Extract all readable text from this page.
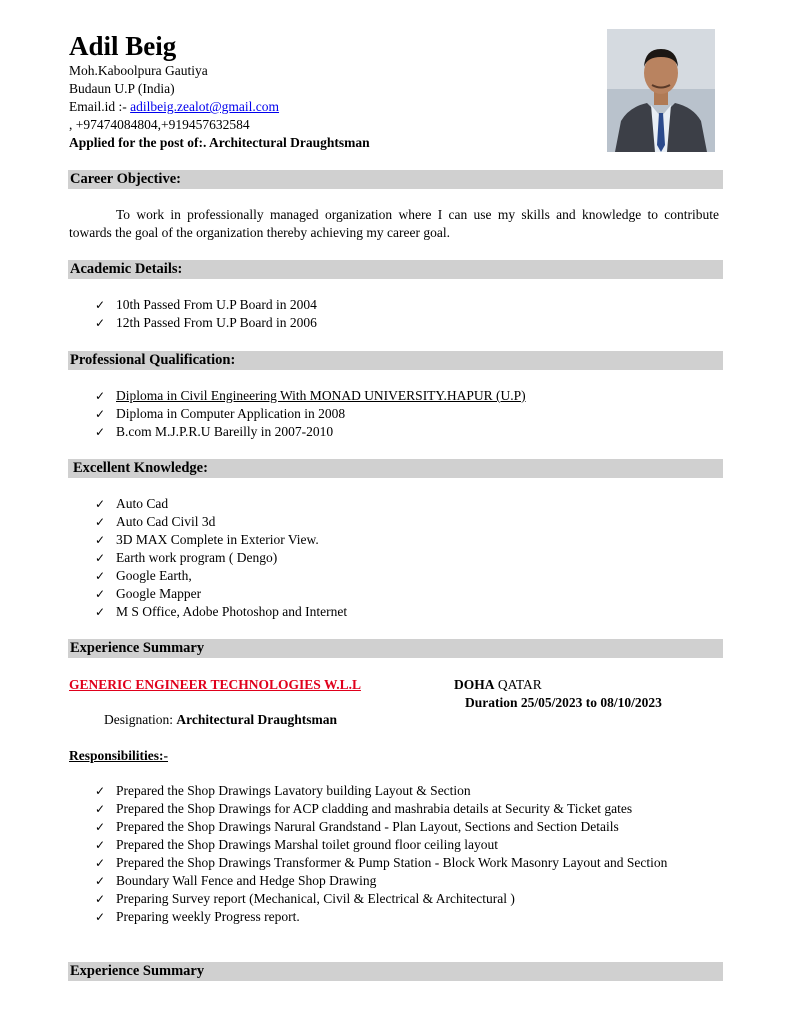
Adil Beig
Moh.Kaboolpura Gautiya
Budaun U.P (India)
Email.id :- adilbeig.zealot@gmail.com
, +97474084804,+919457632584
Applied for the post of:. Architectural Draughtsman
Career Objective:
To work in professionally managed organization where I can use my skills and knowledge to contribute towards the goal of the organization thereby achieving my career goal.
Academic Details:
✓ 10th Passed From U.P Board in 2004
✓ 12th Passed From U.P Board in 2006
Professional Qualification:
✓ Diploma in Civil Engineering With MONAD UNIVERSITY.HAPUR (U.P)
✓ Diploma in Computer Application in 2008
✓ B.com M.J.P.R.U Bareilly in 2007-2010
Excellent Knowledge:
✓ Auto Cad
✓ Auto Cad Civil 3d
✓ 3D MAX Complete in Exterior View.
✓ Earth work program ( Dengo)
✓ Google Earth,
✓ Google Mapper
✓ M S Office, Adobe Photoshop and Internet
Experience Summary
GENERIC ENGINEER TECHNOLOGIES W.L.L	DOHA QATAR
Duration 25/05/2023 to 08/10/2023
Designation: Architectural Draughtsman
Responsibilities:-
✓ Prepared the Shop Drawings Lavatory building Layout & Section
✓ Prepared the Shop Drawings for ACP cladding and mashrabia details at Security & Ticket gates
✓ Prepared the Shop Drawings Narural Grandstand - Plan Layout, Sections and Section Details
✓ Prepared the Shop Drawings Marshal toilet ground floor ceiling layout
✓ Prepared the Shop Drawings Transformer & Pump Station - Block Work Masonry Layout and Section
✓ Boundary Wall Fence and Hedge Shop Drawing
✓ Preparing Survey report (Mechanical, Civil & Electrical & Architectural )
✓ Preparing weekly Progress report.
Experience Summary
